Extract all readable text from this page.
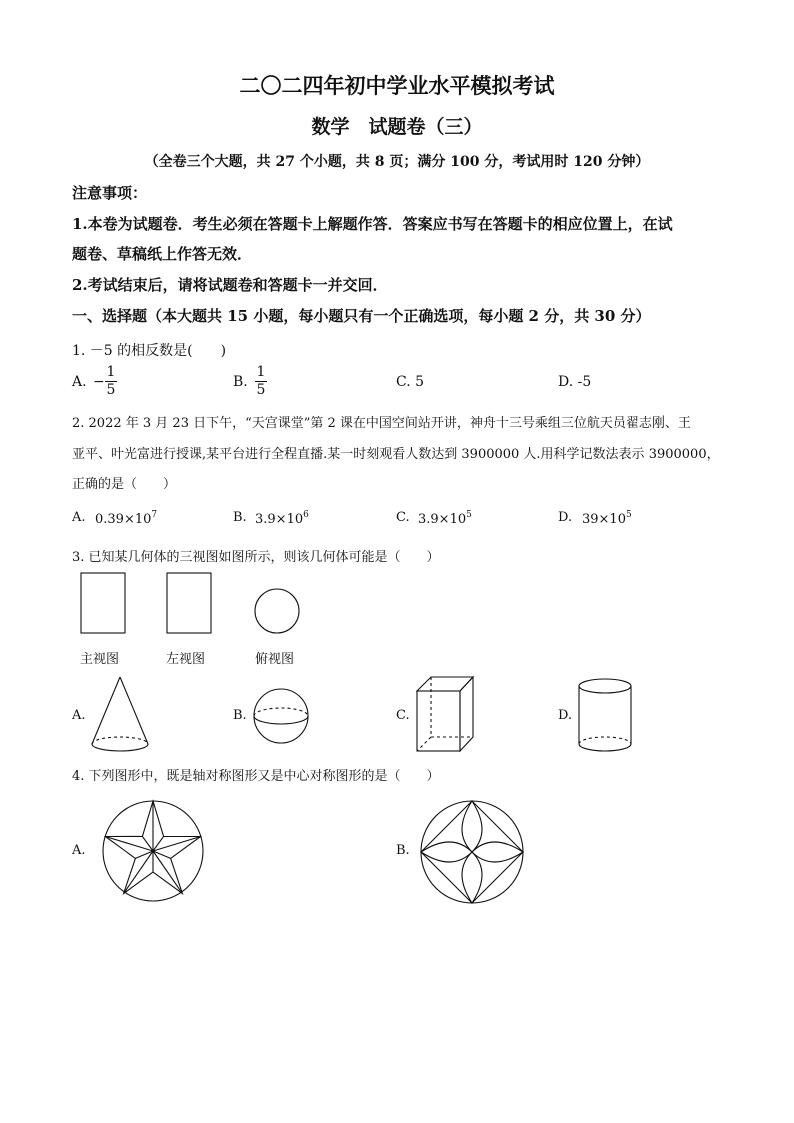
二〇二四年初中学业水平模拟考试
数学　试题卷（三）
（全卷三个大题，共 27 个小题，共 8 页；满分 100 分，考试用时 120 分钟）
注意事项：
1.本卷为试题卷．考生必须在答题卡上解题作答．答案应书写在答题卡的相应位置上，在试
题卷、草稿纸上作答无效．
2.考试结束后，请将试题卷和答题卡一并交回．
一、选择题（本大题共 15 小题，每小题只有一个正确选项，每小题 2 分，共 30 分）
1. －5 的相反数是(　　)
A. −
1
5	B.
1
5	C. 5	D. -5
2. 2022 年 3 月 23 日下午，“天宫课堂”第 2 课在中国空间站开讲，神舟十三号乘组三位航天员翟志刚、王
亚平、叶光富进行授课,某平台进行全程直播.某一时刻观看人数达到 3900000 人.用科学记数法表示 3900000，
正确的是（　　）
A. $0.39\times 10^7$	B. $3.9\times 10^6$	C. $3.9\times 10^5$	D. $39\times 10^5$
3. 已知某几何体的三视图如图所示，则该几何体可能是（　　）
主视图	左视图	俯视图
A.	B.	C.	D.
4. 下列图形中，既是轴对称图形又是中心对称图形的是（　　）
A.	B.
